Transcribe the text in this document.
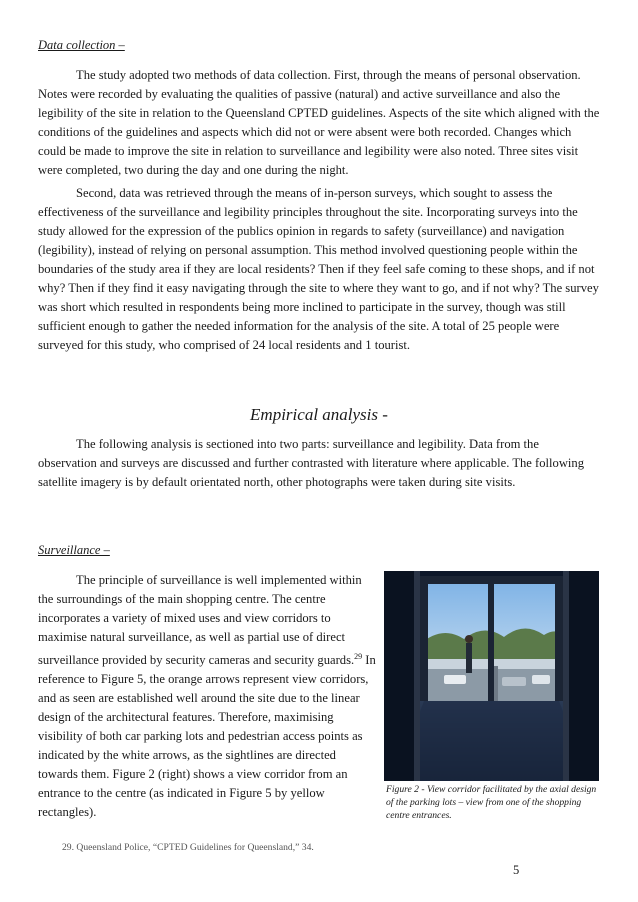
Data collection –

The study adopted two methods of data collection. First, through the means of personal observation. Notes were recorded by evaluating the qualities of passive (natural) and active surveillance and also the legibility of the site in relation to the Queensland CPTED guidelines. Aspects of the site which aligned with the conditions of the guidelines and aspects which did not or were absent were both recorded. Changes which could be made to improve the site in relation to surveillance and legibility were also noted. Three sites visit were completed, two during the day and one during the night.

Second, data was retrieved through the means of in-person surveys, which sought to assess the effectiveness of the surveillance and legibility principles throughout the site. Incorporating surveys into the study allowed for the expression of the publics opinion in regards to safety (surveillance) and navigation (legibility), instead of relying on personal assumption. This method involved questioning people within the boundaries of the study area if they are local residents? Then if they feel safe coming to these shops, and if not why? Then if they find it easy navigating through the site to where they want to go, and if not why? The survey was short which resulted in respondents being more inclined to participate in the survey, though was still sufficient enough to gather the needed information for the analysis of the site. A total of 25 people were surveyed for this study, who comprised of 24 local residents and 1 tourist.

Empirical analysis -

The following analysis is sectioned into two parts: surveillance and legibility. Data from the observation and surveys are discussed and further contrasted with literature where applicable. The following satellite imagery is by default orientated north, other photographs were taken during site visits.

Surveillance –

The principle of surveillance is well implemented within the surroundings of the main shopping centre. The centre incorporates a variety of mixed uses and view corridors to maximise natural surveillance, as well as partial use of direct surveillance provided by security cameras and security guards.$^{29}$ In reference to Figure 5, the orange arrows represent view corridors, and as seen are established well around the site due to the linear design of the architectural features. Therefore, maximising visibility of both car parking lots and pedestrian access points as indicated by the white arrows, as the sightlines are directed towards them. Figure 2 (right) shows a view corridor from an entrance to the centre (as indicated in Figure 5 by yellow rectangles).

Figure 2 - View corridor facilitated by the axial design of the parking lots – view from one of the shopping centre entrances.
29. Queensland Police, “CPTED Guidelines for Queensland,” 34.
5
